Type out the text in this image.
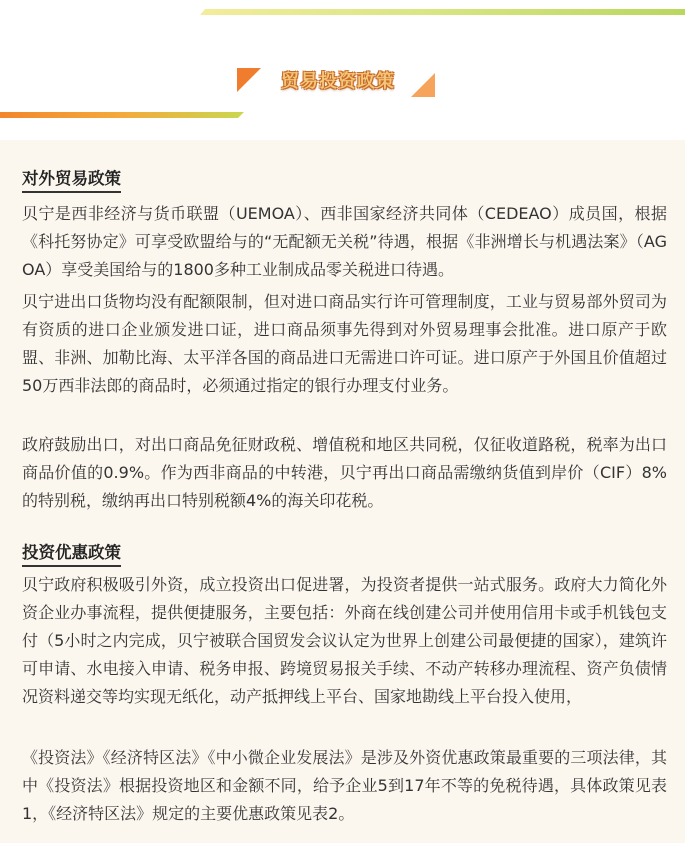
贸易投资政策
对外贸易政策

贝宁是西非经济与货币联盟（UEMOA）、西非国家经济共同体（CEDEAO）成员国，根据《科托努协定》可享受欧盟给与的“无配额无关税”待遇，根据《非洲增长与机遇法案》（AGOA）享受美国给与的1800多种工业制成品零关税进口待遇。

贝宁进出口货物均没有配额限制，但对进口商品实行许可管理制度，工业与贸易部外贸司为有资质的进口企业颁发进口证，进口商品须事先得到对外贸易理事会批准。进口原产于欧盟、非洲、加勒比海、太平洋各国的商品进口无需进口许可证。进口原产于外国且价值超过50万西非法郎的商品时，必须通过指定的银行办理支付业务。

政府鼓励出口，对出口商品免征财政税、增值税和地区共同税，仅征收道路税，税率为出口商品价值的0.9%。作为西非商品的中转港，贝宁再出口商品需缴纳货值到岸价（CIF）8%的特别税，缴纳再出口特别税额4%的海关印花税。

投资优惠政策

贝宁政府积极吸引外资，成立投资出口促进署，为投资者提供一站式服务。政府大力简化外资企业办事流程，提供便捷服务，主要包括：外商在线创建公司并使用信用卡或手机钱包支付（5小时之内完成，贝宁被联合国贸发会议认定为世界上创建公司最便捷的国家），建筑许可申请、水电接入申请、税务申报、跨境贸易报关手续、不动产转移办理流程、资产负债情况资料递交等均实现无纸化，动产抵押线上平台、国家地勘线上平台投入使用，

《投资法》《经济特区法》《中小微企业发展法》是涉及外资优惠政策最重要的三项法律，其中《投资法》根据投资地区和金额不同，给予企业5到17年不等的免税待遇，具体政策见表1，《经济特区法》规定的主要优惠政策见表2。
